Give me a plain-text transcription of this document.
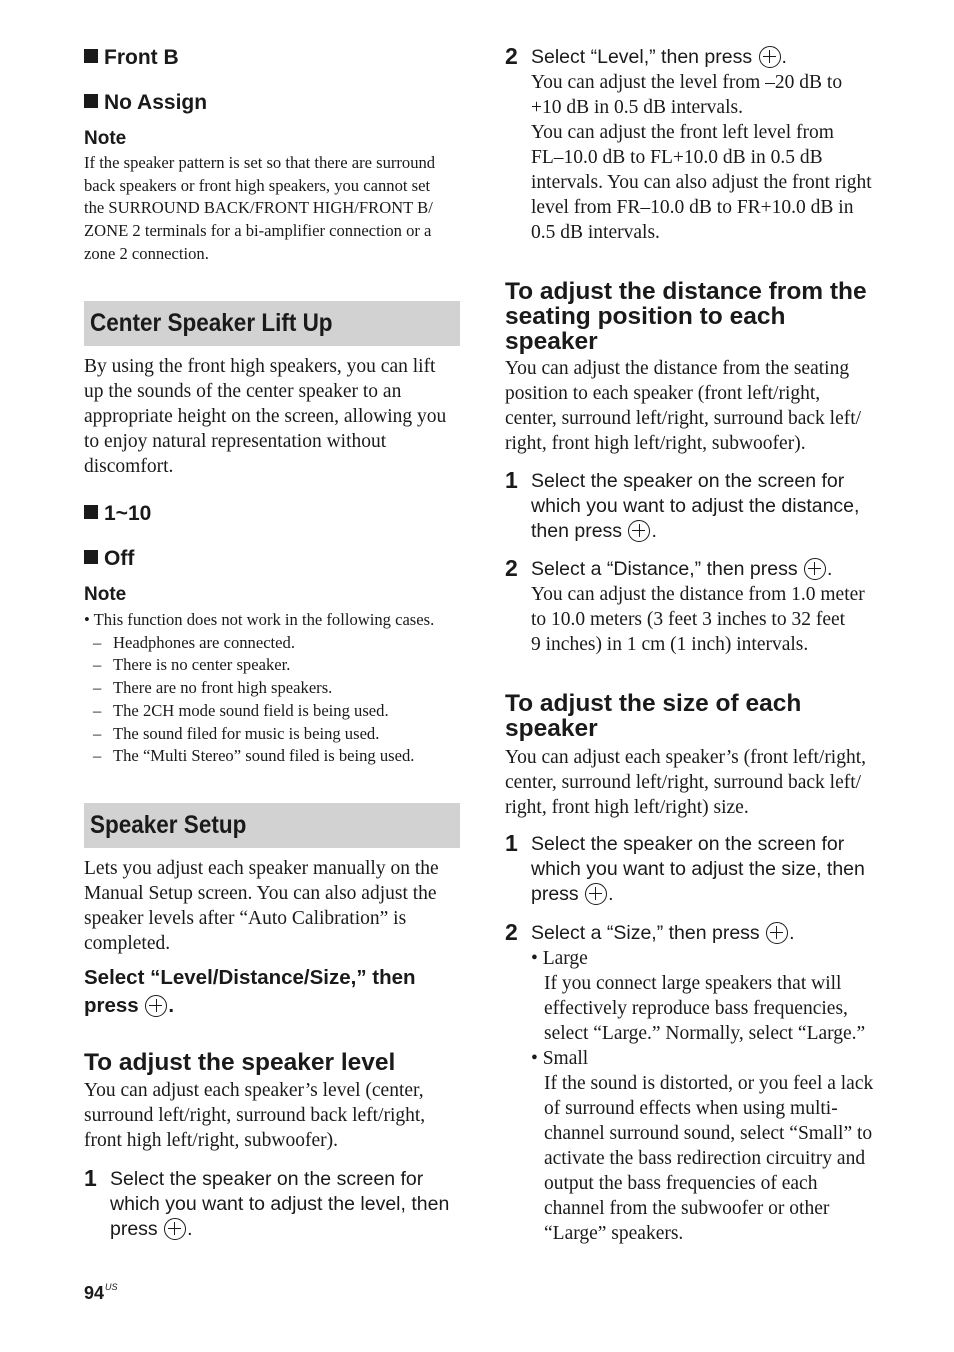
Front B
No Assign
Note
If the speaker pattern is set so that there are surround
back speakers or front high speakers, you cannot set
the SURROUND BACK/FRONT HIGH/FRONT B/
ZONE 2 terminals for a bi-amplifier connection or a
zone 2 connection.
Center Speaker Lift Up
By using the front high speakers, you can lift
up the sounds of the center speaker to an
appropriate height on the screen, allowing you
to enjoy natural representation without
discomfort.
1~10
Off
Note
• This function does not work in the following cases.
– Headphones are connected.
– There is no center speaker.
– There are no front high speakers.
– The 2CH mode sound field is being used.
– The sound filed for music is being used.
– The “Multi Stereo” sound filed is being used.
Speaker Setup
Lets you adjust each speaker manually on the
Manual Setup screen. You can also adjust the
speaker levels after “Auto Calibration” is
completed.
Select “Level/Distance/Size,” then
press .
To adjust the speaker level
You can adjust each speaker’s level (center,
surround left/right, surround back left/right,
front high left/right, subwoofer).
1 Select the speaker on the screen for
which you want to adjust the level, then
press .
2 Select “Level,” then press .
You can adjust the level from –20 dB to
+10 dB in 0.5 dB intervals.
You can adjust the front left level from
FL–10.0 dB to FL+10.0 dB in 0.5 dB
intervals. You can also adjust the front right
level from FR–10.0 dB to FR+10.0 dB in
0.5 dB intervals.
To adjust the distance from the
seating position to each
speaker
You can adjust the distance from the seating
position to each speaker (front left/right,
center, surround left/right, surround back left/
right, front high left/right, subwoofer).
1 Select the speaker on the screen for
which you want to adjust the distance,
then press .
2 Select a “Distance,” then press .
You can adjust the distance from 1.0 meter
to 10.0 meters (3 feet 3 inches to 32 feet
9 inches) in 1 cm (1 inch) intervals.
To adjust the size of each
speaker
You can adjust each speaker’s (front left/right,
center, surround left/right, surround back left/
right, front high left/right) size.
1 Select the speaker on the screen for
which you want to adjust the size, then
press .
2 Select a “Size,” then press .
• Large
If you connect large speakers that will
effectively reproduce bass frequencies,
select “Large.” Normally, select “Large.”
• Small
If the sound is distorted, or you feel a lack
of surround effects when using multi-
channel surround sound, select “Small” to
activate the bass redirection circuitry and
output the bass frequencies of each
channel from the subwoofer or other
“Large” speakers.
$94^{US}$
